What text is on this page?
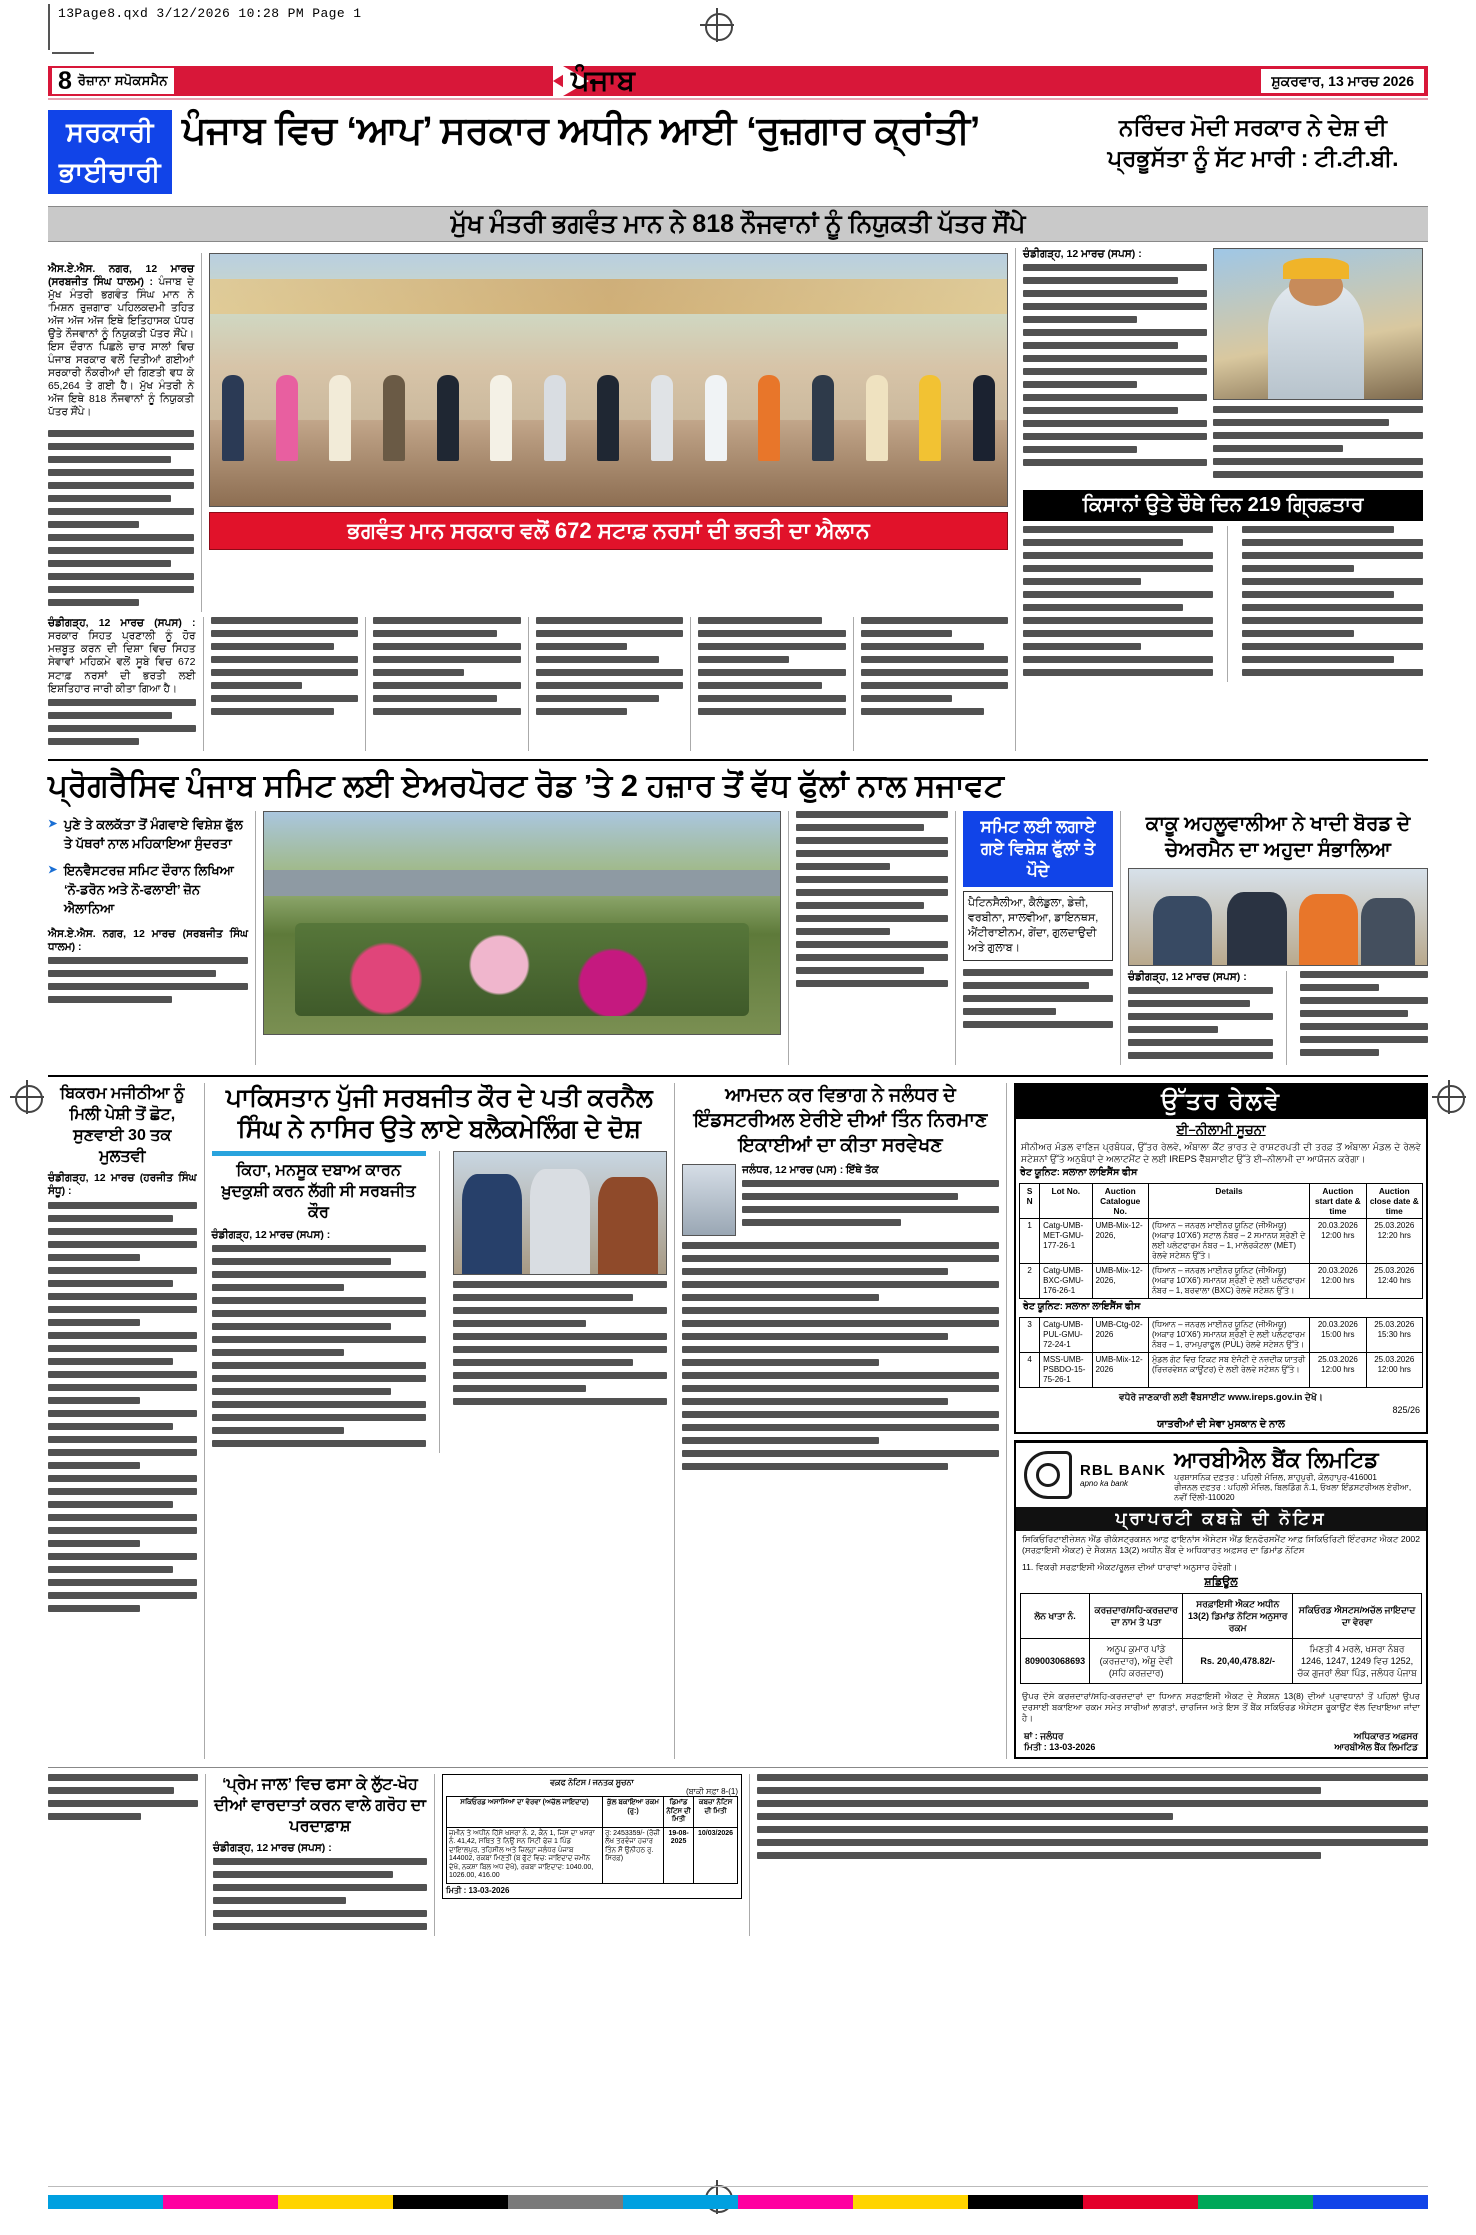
13Page8.qxd 3/12/2026 10:28 PM Page 1
8 ਰੋਜ਼ਾਨਾ ਸਪੋਕਸਮੈਨ	ਪੰਜਾਬ	ਸ਼ੁਕਰਵਾਰ, 13 ਮਾਰਚ 2026
ਸਰਕਾਰੀ
ਭਾਈਚਾਰੀ
ਪੰਜਾਬ ਵਿਚ ‘ਆਪ’ ਸਰਕਾਰ ਅਧੀਨ ਆਈ ‘ਰੁਜ਼ਗਾਰ ਕ੍ਰਾਂਤੀ’	ਨਰਿੰਦਰ ਮੋਦੀ ਸਰਕਾਰ ਨੇ ਦੇਸ਼ ਦੀ ਪ੍ਰਭੂਸੱਤਾ ਨੂੰ ਸੱਟ ਮਾਰੀ : ਟੀ.ਟੀ.ਬੀ.
ਮੁੱਖ ਮੰਤਰੀ ਭਗਵੰਤ ਮਾਨ ਨੇ 818 ਨੌਜਵਾਨਾਂ ਨੂੰ ਨਿਯੁਕਤੀ ਪੱਤਰ ਸੌਂਪੇ

ਐਸ.ਏ.ਐਸ. ਨਗਰ, 12 ਮਾਰਚ (ਸਰਬਜੀਤ ਸਿੰਘ ਧਾਲਮ) : ਪੰਜਾਬ ਦੇ ਮੁੱਖ ਮੰਤਰੀ ਭਗਵੰਤ ਸਿੰਘ ਮਾਨ ਨੇ ‘ਮਿਸ਼ਨ ਰੁਜ਼ਗਾਰ’ ਪਹਿਲਕਦਮੀ ਤਹਿਤ ਅੱਜ ਅੱਜ ਅੱਜ ਇਥੇ ਇਤਿਹਾਸਕ ਪੱਧਰ ਉਤੇ ਨੌਜਵਾਨਾਂ ਨੂੰ ਨਿਯੁਕਤੀ ਪੱਤਰ ਸੌਂਪੇ। ਇਸ ਦੌਰਾਨ ਪਿਛਲੇ ਚਾਰ ਸਾਲਾਂ ਵਿਚ ਪੰਜਾਬ ਸਰਕਾਰ ਵਲੋਂ ਦਿਤੀਆਂ ਗਈਆਂ ਸਰਕਾਰੀ ਨੌਕਰੀਆਂ ਦੀ ਗਿਣਤੀ ਵਧ ਕੇ 65,264 ਤੇ ਗਈ ਹੈ। ਮੁੱਖ ਮੰਤਰੀ ਨੇ ਅੱਜ ਇਥੇ 818 ਨੌਜਵਾਨਾਂ ਨੂੰ ਨਿਯੁਕਤੀ ਪੱਤਰ ਸੌਂਪੇ।

ਭਗਵੰਤ ਮਾਨ ਸਰਕਾਰ ਵਲੋਂ 672 ਸਟਾਫ਼ ਨਰਸਾਂ ਦੀ ਭਰਤੀ ਦਾ ਐਲਾਨ

ਚੰਡੀਗੜ੍ਹ, 12 ਮਾਰਚ (ਸਪਸ) : ਸਰਕਾਰ ਸਿਹਤ ਪ੍ਰਣਾਲੀ ਨੂੰ ਹੋਰ ਮਜ਼ਬੂਤ ਕਰਨ ਦੀ ਦਿਸ਼ਾ ਵਿਚ ਸਿਹਤ ਸੇਵਾਵਾਂ ਮਹਿਕਮੇ ਵਲੋਂ ਸੂਬੇ ਵਿਚ 672 ਸਟਾਫ਼ ਨਰਸਾਂ ਦੀ ਭਰਤੀ ਲਈ ਇਸ਼ਤਿਹਾਰ ਜਾਰੀ ਕੀਤਾ ਗਿਆ ਹੈ।

ਚੰਡੀਗੜ੍ਹ, 12 ਮਾਰਚ (ਸਪਸ) :

ਕਿਸਾਨਾਂ ਉਤੇ ਚੌਥੇ ਦਿਨ 219 ਗ੍ਰਿਫ਼ਤਾਰ
ਪ੍ਰੋਗਰੈਸਿਵ ਪੰਜਾਬ ਸਮਿਟ ਲਈ ਏਅਰਪੋਰਟ ਰੋਡ ’ਤੇ 2 ਹਜ਼ਾਰ ਤੋਂ ਵੱਧ ਫੁੱਲਾਂ ਨਾਲ ਸਜਾਵਟ
➤ ਪੁਣੇ ਤੇ ਕਲਕੱਤਾ ਤੋਂ ਮੰਗਵਾਏ ਵਿਸ਼ੇਸ਼ ਫੁੱਲ ਤੇ ਪੱਥਰਾਂ ਨਾਲ ਮਹਿਕਾਇਆ ਸੁੰਦਰਤਾ
➤ ਇਨਵੈਸਟਰਜ਼ ਸਮਿਟ ਦੌਰਾਨ ਲਿਖਿਆ ‘ਨੋ-ਡਰੋਨ ਅਤੇ ਨੋ-ਫਲਾਈ’ ਜ਼ੋਨ ਐਲਾਨਿਆ

ਐਸ.ਏ.ਐਸ. ਨਗਰ, 12 ਮਾਰਚ (ਸਰਬਜੀਤ ਸਿੰਘ ਧਾਲਮ) :

ਸਮਿਟ ਲਈ ਲਗਾਏ ਗਏ ਵਿਸ਼ੇਸ਼ ਫੁੱਲਾਂ ਤੇ ਪੌਦੇ
ਪੈਟਿਨਸੈਲੀਆ, ਕੈਲੰਡੁਲਾ, ਡੇਜ਼ੀ, ਵਰਬੀਨਾ, ਸਾਲਵੀਆ, ਡਾਇਨਥਸ, ਐਂਟੀਰਾਈਨਮ, ਗੇਂਦਾ, ਗੁਲਦਾਉਦੀ ਅਤੇ ਗੁਲਾਬ।
ਕਾਕੂ ਅਹਲੂਵਾਲੀਆ ਨੇ ਖਾਦੀ ਬੋਰਡ ਦੇ ਚੇਅਰਮੈਨ ਦਾ ਅਹੁਦਾ ਸੰਭਾਲਿਆ

ਚੰਡੀਗੜ੍ਹ, 12 ਮਾਰਚ (ਸਪਸ) :

ਬਿਕਰਮ ਮਜੀਠੀਆ ਨੂੰ ਮਿਲੀ ਪੇਸ਼ੀ ਤੋਂ ਛੋਟ, ਸੁਣਵਾਈ 30 ਤਕ ਮੁਲਤਵੀ

ਚੰਡੀਗੜ੍ਹ, 12 ਮਾਰਚ (ਹਰਜੀਤ ਸਿੰਘ ਸੰਧੂ) :

ਪਾਕਿਸਤਾਨ ਪੁੱਜੀ ਸਰਬਜੀਤ ਕੌਰ ਦੇ ਪਤੀ ਕਰਨੈਲ ਸਿੰਘ ਨੇ ਨਾਸਿਰ ਉਤੇ ਲਾਏ ਬਲੈਕਮੇਲਿੰਗ ਦੇ ਦੋਸ਼
ਕਿਹਾ, ਮਨਸੂਕ ਦਬਾਅ ਕਾਰਨ ਖ਼ੁਦਕੁਸ਼ੀ ਕਰਨ ਲੱਗੀ ਸੀ ਸਰਬਜੀਤ ਕੌਰ

ਚੰਡੀਗੜ੍ਹ, 12 ਮਾਰਚ (ਸਪਸ) :

ਆਮਦਨ ਕਰ ਵਿਭਾਗ ਨੇ ਜਲੰਧਰ ਦੇ ਇੰਡਸਟਰੀਅਲ ਏਰੀਏ ਦੀਆਂ ਤਿੰਨ ਨਿਰਮਾਣ ਇਕਾਈਆਂ ਦਾ ਕੀਤਾ ਸਰਵੇਖਣ

ਜਲੰਧਰ, 12 ਮਾਰਚ (ਪਸ) : ਇੱਥੇ ਤੱਕ

ਉੱਤਰ ਰੇਲਵੇ
ਈ–ਨੀਲਾਮੀ ਸੂਚਨਾ
ਸੀਨੀਅਰ ਮੰਡਲ ਵਾਣਿਜ ਪ੍ਰਬੰਧਕ, ਉੱਤਰ ਰੇਲਵੇ, ਅੰਬਾਲਾ ਕੈਂਟ ਭਾਰਤ ਦੇ ਰਾਸ਼ਟਰਪਤੀ ਦੀ ਤਰਫ਼ ਤੋਂ ਅੰਬਾਲਾ ਮੰਡਲ ਦੇ ਰੇਲਵੇ ਸਟੇਸ਼ਨਾਂ ਉੱਤੇ ਅਨੁਬੰਧਾਂ ਦੇ ਅਲਾਟਮੈਂਟ ਦੇ ਲਈ IREPS ਵੈੱਬਸਾਈਟ ਉੱਤੇ ਈ–ਨੀਲਾਮੀ ਦਾ ਆਯੋਜਨ ਕਰੇਗਾ।
ਰੇਟ ਯੂਨਿਟ: ਸਲਾਨਾ ਲਾਇਸੈਂਸ ਫੀਸ
S N	Lot No.	Auction Catalogue No.	Details	Auction start date & time	Auction close date & time
1	Catg-UMB-MET-GMU-177-26-1	UMB-Mix-12-2026,	(ਧਿਆਨ – ਜਨਰਲ ਮਾਈਨਰ ਯੂਨਿਟ (ਜੀਐਮਯੂ) (ਅਕਾਰ 10'X6') ਸਟਾਲ ਨੰਬਰ – 2 ਸਮਾਨਯ ਸ਼੍ਰੇਣੀ ਦੇ ਲਈ ਪਲੇਟਫਾਰਮ ਨੰਬਰ – 1, ਮਾਲੇਰਕੋਟਲਾ (MET) ਰੇਲਵੇ ਸਟੇਸ਼ਨ ਉੱਤੇ।	20.03.2026 12:00 hrs	25.03.2026 12:20 hrs
2	Catg-UMB-BXC-GMU-176-26-1	UMB-Mix-12-2026,	(ਧਿਆਨ – ਜਨਰਲ ਮਾਈਨਰ ਯੂਨਿਟ (ਜੀਐਮਯੂ) (ਅਕਾਰ 10'X6') ਸਮਾਨਯ ਸ਼੍ਰੇਣੀ ਦੇ ਲਈ ਪਲੇਟਫਾਰਮ ਨੰਬਰ – 1, ਬਰਵਾਲਾ (BXC) ਰੇਲਵੇ ਸਟੇਸ਼ਨ ਉੱਤੇ।	20.03.2026 12:00 hrs	25.03.2026 12:40 hrs
ਰੇਟ ਯੂਨਿਟ: ਸਲਾਨਾ ਲਾਇਸੈਂਸ ਫੀਸ
3	Catg-UMB-PUL-GMU-72-24-1	UMB-Ctg-02-2026	(ਧਿਆਨ – ਜਨਰਲ ਮਾਈਨਰ ਯੂਨਿਟ (ਜੀਐਮਯੂ) (ਅਕਾਰ 10'X6') ਸਮਾਨਯ ਸ਼੍ਰੇਣੀ ਦੇ ਲਈ ਪਲੇਟਫਾਰਮ ਨੰਬਰ – 1, ਰਾਮਪੁਰਾਫੂਲ (PUL) ਰੇਲਵੇ ਸਟੇਸ਼ਨ ਉੱਤੇ।	20.03.2026 15:00 hrs	25.03.2026 15:30 hrs
4	MSS-UMB-PSBDO-15-75-26-1	UMB-Mix-12-2026	ਮੁੰਡਲ ਗੇਟ ਵਿਚ ਟਿਕਟ ਸਬ ਏਜੰਟੀ ਦੇ ਨਜ਼ਦੀਕ ਯਾਤਰੀ (ਰਿਜ਼ਰਵੇਸ਼ਨ ਕਾਊਂਟਰ) ਦੇ ਲਈ ਰੇਲਵੇ ਸਟੇਸ਼ਨ ਉੱਤੇ।	25.03.2026 12:00 hrs	25.03.2026 12:00 hrs
ਵਧੇਰੇ ਜਾਣਕਾਰੀ ਲਈ ਵੈੱਬਸਾਈਟ www.ireps.gov.in ਦੇਖੋ।
825/26
ਯਾਤਰੀਆਂ ਦੀ ਸੇਵਾ ਮੁਸਕਾਨ ਦੇ ਨਾਲ
RBL BANK
apno ka bank
ਆਰਬੀਐਲ ਬੈਂਕ ਲਿਮਟਿਡ
ਪ੍ਰਸ਼ਾਸਨਿਕ ਦਫ਼ਤਰ : ਪਹਿਲੀ ਮੰਜ਼ਿਲ, ਸ਼ਾਹੁਪੁਰੀ, ਕੋਲਹਾਪੁਰ-416001
ਰੀਜਨਲ ਦਫ਼ਤਰ : ਪਹਿਲੀ ਮੰਜ਼ਿਲ, ਬਿਲਡਿੰਗ ਨੰ.1, ਓਖਲਾ ਇੰਡਸਟਰੀਅਲ ਏਰੀਆ, ਨਵੀਂ ਦਿੱਲੀ-110020
ਪ੍ਰਾਪਰਟੀ ਕਬਜ਼ੇ ਦੀ ਨੋਟਿਸ
ਸਿਕਿਓਰਿਟਾਈਜ਼ੇਸ਼ਨ ਐਂਡ ਰੀਕੰਸਟ੍ਰਕਸ਼ਨ ਆਫ਼ ਫਾਇਨਾਂਸ ਐਸੇਟਸ ਐਂਡ ਇਨਫੋਰਸਮੈਂਟ ਆਫ਼ ਸਿਕਿਓਰਿਟੀ ਇੰਟਰਸਟ ਐਕਟ 2002 (ਸਰਫ਼ਾਇਸੀ ਐਕਟ) ਦੇ ਸੈਕਸ਼ਨ 13(2) ਅਧੀਨ ਬੈਂਕ ਦੇ ਅਧਿਕਾਰਤ ਅਫ਼ਸਰ ਦਾ ਡਿਮਾਂਡ ਨੋਟਿਸ
11. ਵਿਕਰੀ ਸਰਫ਼ਾਇਸੀ ਐਕਟ/ਰੂਲਜ਼ ਦੀਆਂ ਧਾਰਾਵਾਂ ਅਨੁਸਾਰ ਹੋਵੇਗੀ।
ਸ਼ਡਿਊਲ
ਲੋਨ ਖਾਤਾ ਨੰ.	ਕਰਜ਼ਦਾਰ/ਸਹਿ-ਕਰਜ਼ਦਾਰ ਦਾ ਨਾਮ ਤੇ ਪਤਾ	ਸਰਫ਼ਾਇਸੀ ਐਕਟ ਅਧੀਨ 13(2) ਡਿਮਾਂਡ ਨੋਟਿਸ ਅਨੁਸਾਰ ਰਕਮ	ਸਕਿਓਰਡ ਐਸਟਸ/ਅਚੱਲ ਜਾਇਦਾਦ ਦਾ ਵੇਰਵਾ
809003068693	ਅਨੂਪ ਕੁਮਾਰ ਪਾਂਡੇ (ਕਰਜ਼ਦਾਰ), ਅੰਸ਼ੂ ਦੇਵੀ (ਸਹਿ ਕਰਜ਼ਦਾਰ)	Rs. 20,40,478.82/-	ਮਿਣਤੀ 4 ਮਰਲੇ, ਖਸਰਾ ਨੰਬਰ 1246, 1247, 1249 ਵਿਚ 1252, ਚੱਕ ਗੁਜਰਾਂ ਲੰਬਾ ਪਿੰਡ, ਜਲੰਧਰ ਪੰਜਾਬ
ਉਪਰ ਦੱਸੇ ਕਰਜ਼ਦਾਰਾਂ/ਸਹਿ-ਕਰਜ਼ਦਾਰਾਂ ਦਾ ਧਿਆਨ ਸਰਫ਼ਾਇਸੀ ਐਕਟ ਦੇ ਸੈਕਸ਼ਨ 13(8) ਦੀਆਂ ਪ੍ਰਾਵਧਾਨਾਂ ਤੋਂ ਪਹਿਲਾਂ ਉਪਰ ਦਰਸਾਈ ਬਕਾਇਆ ਰਕਮ ਸਮੇਤ ਸਾਰੀਆਂ ਲਾਗਤਾਂ, ਚਾਰਜਿਜ ਅਤੇ ਇਸ ਤੋਂ ਬੈਂਕ ਸਕਿਓਰਡ ਐਸੇਟਸ ਰੂਕਾਉਂਟ ਵੱਲ ਦਿਖਾਇਆ ਜਾਂਦਾ ਹੈ।
ਥਾਂ : ਜਲੰਧਰ
ਮਿਤੀ : 13-03-2026
ਅਧਿਕਾਰਤ ਅਫ਼ਸਰ
ਆਰਬੀਐਲ ਬੈਂਕ ਲਿਮਟਿਡ
‘ਪ੍ਰੇਮ ਜਾਲ’ ਵਿਚ ਫਸਾ ਕੇ ਲੁੱਟ-ਖੋਹ ਦੀਆਂ ਵਾਰਦਾਤਾਂ ਕਰਨ ਵਾਲੇ ਗਰੋਹ ਦਾ ਪਰਦਾਫ਼ਾਸ਼

ਚੰਡੀਗੜ੍ਹ, 12 ਮਾਰਚ (ਸਪਸ) :

ਵਕ਼ਫ ਨੋਟਿਸ / ਜਨਤਕ ਸੂਚਨਾ
(ਬਾਕੀ ਸਫ਼ਾ 8-(1)
ਸਕਿਓਰਡ ਅਸਾਸਿਆਂ ਦਾ ਵੇਰਵਾ (ਅਚੱਲ ਜਾਇਦਾਦ)	ਕੁੱਲ ਬਕਾਇਆ ਰਕਮ (ਰੁ:)	ਡਿਮਾਂਡ ਨੋਟਿਸ ਦੀ ਮਿਤੀ	ਕਬਜ਼ਾ ਨੋਟਿਸ ਦੀ ਮਿਤੀ
ਜ਼ਮੀਨ ਤੇ ਅਧੀਨ ਹਿੱਸੇ ਖਸਰਾ ਨੰ. 2, ਕੈਨ 1, ਜਿਸ ਦਾ ਖਸਰਾ ਨੰ. 41,42, ਸਥਿਤ ਤੇ ਨਿਉਂ ਸਨ ਸਿਟੀ ਫੇਜ਼ 1 ਪਿੰਡ ਦਾਇਾਲਪੁਰ, ਤਹਿਸੀਲ ਅਤੇ ਜ਼ਿਲ੍ਹਾ ਜਲੰਧਰ ਪੰਜਾਬ 144002, ਰਕਬਾ ਮਿਣਤੀ (ਬ ਫੁੱਟ ਵਿਚ: ਜਾਇਦਾਦ ਜ਼ਮੀਨ ਦੇਖੋ, ਨਕਸ਼ਾ ਬਿਲ ਅਧ ਦੇਖੋ), ਰਕਬਾ ਜਾਇਦਾਦ: 1040.00, 1026.00, 416.00	ਰੁ: 2453359/- (ਰੋਜ਼ੀ ਲੱਖ ਤਰਵੰਜਾ ਹਜ਼ਾਰ ਤਿੰਨ ਸੌ ਉਨੀਹਠ ਰੁ. ਸਿਰਫ਼)	19-08-2025	10/03/2026
ਮਿਤੀ : 13-03-2026
